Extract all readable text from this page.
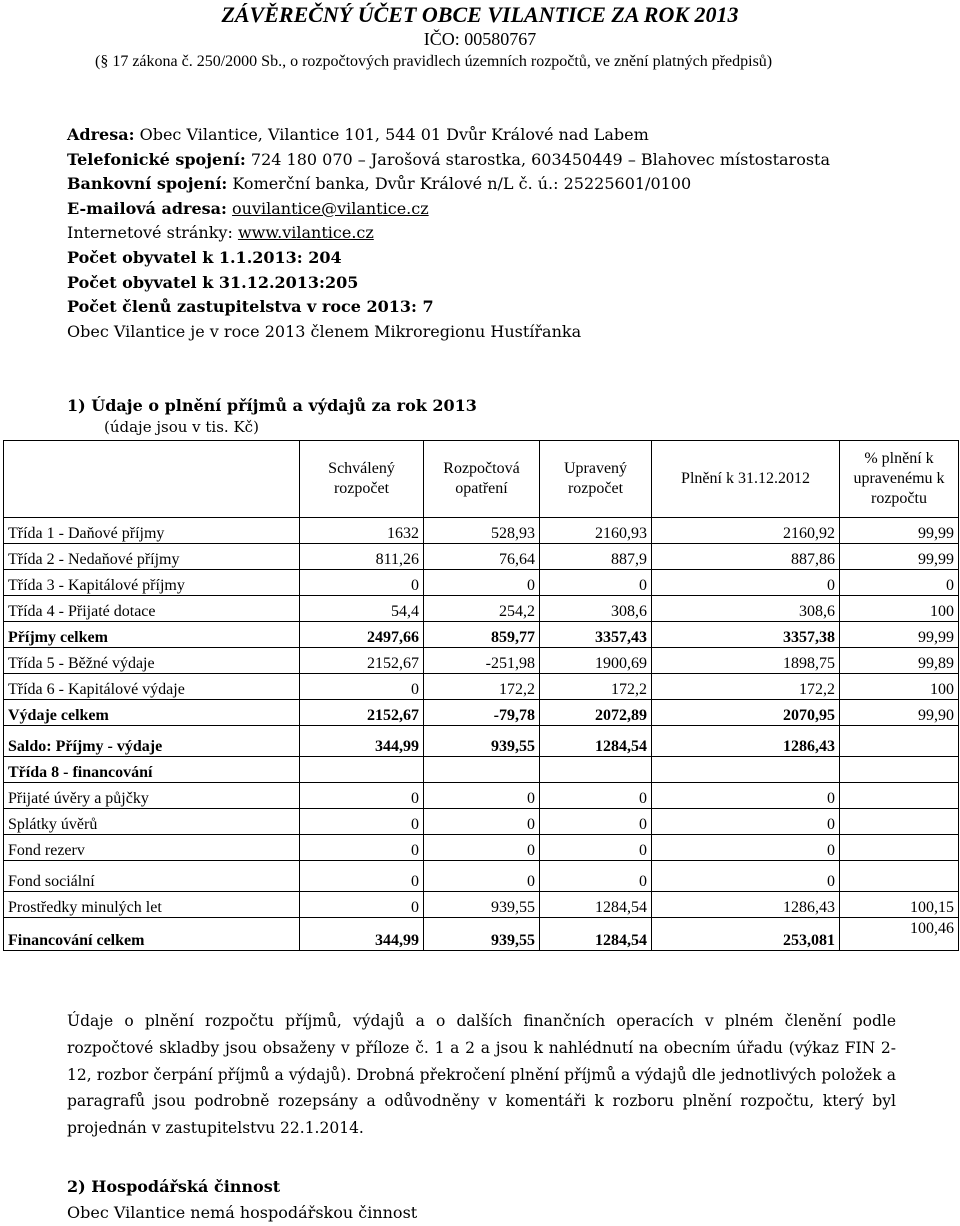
ZÁVĚREČNÝ ÚČET OBCE VILANTICE ZA ROK 2013
IČO: 00580767
(§ 17 zákona č. 250/2000 Sb., o rozpočtových pravidlech územních rozpočtů, ve znění platných předpisů)
Adresa: Obec Vilantice, Vilantice 101, 544 01 Dvůr Králové nad Labem
Telefonické spojení: 724 180 070 – Jarošová starostka, 603450449 – Blahovec místostarosta
Bankovní spojení: Komerční banka, Dvůr Králové n/L č. ú.: 25225601/0100
E-mailová adresa: ouvilantice@vilantice.cz
Internetové stránky: www.vilantice.cz
Počet obyvatel k 1.1.2013: 204
Počet obyvatel k 31.12.2013:205
Počet členů zastupitelstva v roce 2013: 7
Obec Vilantice je v roce 2013 členem Mikroregionu Hustířanka
1) Údaje o plnění příjmů a výdajů za rok 2013
(údaje jsou v tis. Kč)
	Schválený rozpočet	Rozpočtová opatření	Upravený rozpočet	Plnění k 31.12.2012	% plnění k upravenému k rozpočtu
Třída 1 - Daňové příjmy	1632	528,93	2160,93	2160,92	99,99
Třída 2 - Nedaňové příjmy	811,26	76,64	887,9	887,86	99,99
Třída 3 - Kapitálové příjmy	0	0	0	0	0
Třída 4 - Přijaté dotace	54,4	254,2	308,6	308,6	100
Příjmy celkem	2497,66	859,77	3357,43	3357,38	99,99
Třída 5 - Běžné výdaje	2152,67	-251,98	1900,69	1898,75	99,89
Třída 6 - Kapitálové výdaje	0	172,2	172,2	172,2	100
Výdaje celkem	2152,67	-79,78	2072,89	2070,95	99,90
Saldo: Příjmy - výdaje	344,99	939,55	1284,54	1286,43	
Třída 8 - financování					
Přijaté úvěry a půjčky	0	0	0	0	
Splátky úvěrů	0	0	0	0	
Fond rezerv	0	0	0	0	
Fond sociální	0	0	0	0	
Prostředky minulých let	0	939,55	1284,54	1286,43	100,15
Financování celkem	344,99	939,55	1284,54	253,081	100,46
Údaje o plnění rozpočtu příjmů, výdajů a o dalších finančních operacích v plném členění podle rozpočtové skladby jsou obsaženy v příloze č. 1 a 2 a jsou k nahlédnutí na obecním úřadu (výkaz FIN 2-12, rozbor čerpání příjmů a výdajů). Drobná překročení plnění příjmů a výdajů dle jednotlivých položek a paragrafů jsou podrobně rozepsány a odůvodněny v komentáři k rozboru plnění rozpočtu, který byl projednán v zastupitelstvu 22.1.2014.
2) Hospodářská činnost
Obec Vilantice nemá hospodářskou činnost
